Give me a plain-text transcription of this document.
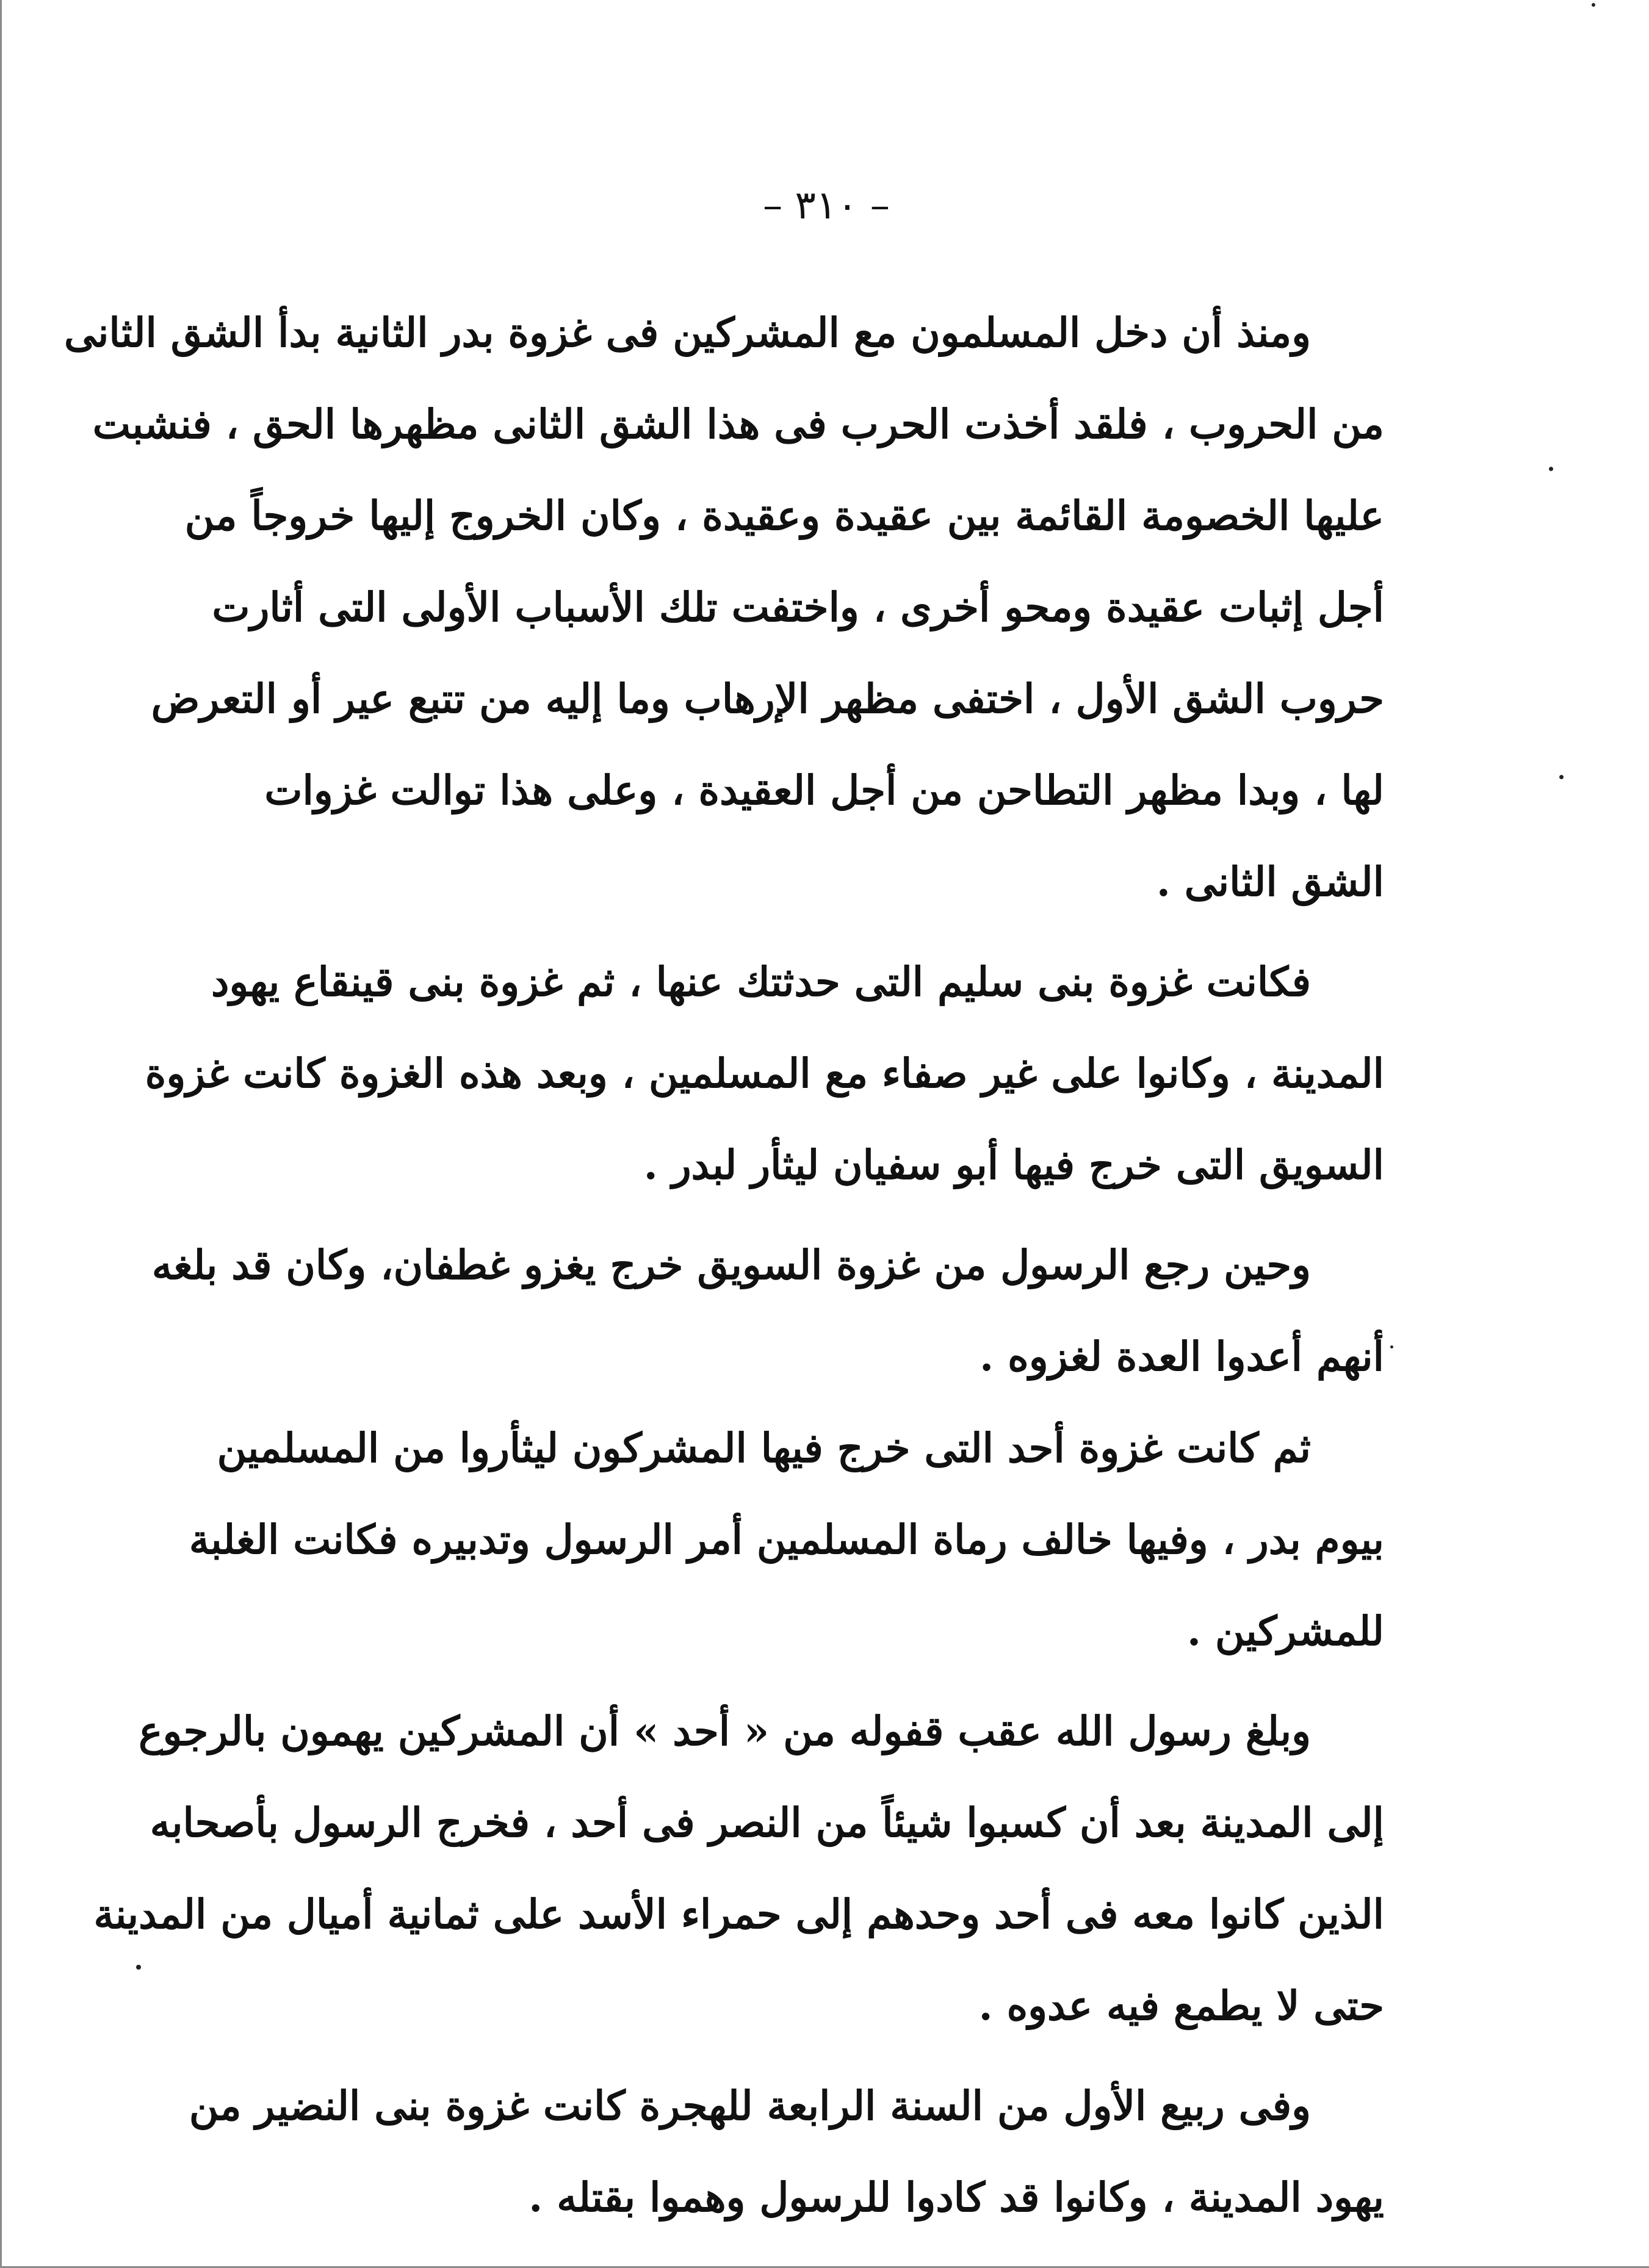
– ٣١٠ –
ومنذ أن دخل المسلمون مع المشركين فى غزوة بدر الثانية بدأ الشق الثانى
من الحروب ، فلقد أخذت الحرب فى هذا الشق الثانى مظهرها الحق ، فنشبت
عليها الخصومة القائمة بين عقيدة وعقيدة ، وكان الخروج إليها خروجاً من
أجل إثبات عقيدة ومحو أخرى ، واختفت تلك الأسباب الأولى التى أثارت
حروب الشق الأول ، اختفى مظهر الإرهاب وما إليه من تتبع عير أو التعرض
لها ، وبدا مظهر التطاحن من أجل العقيدة ، وعلى هذا توالت غزوات
الشق الثانى .
فكانت غزوة بنى سليم التى حدثتك عنها ، ثم غزوة بنى قينقاع يهود
المدينة ، وكانوا على غير صفاء مع المسلمين ، وبعد هذه الغزوة كانت غزوة
السويق التى خرج فيها أبو سفيان ليثأر لبدر .
وحين رجع الرسول من غزوة السويق خرج يغزو غطفان، وكان قد بلغه
أنهم أعدوا العدة لغزوه .
ثم كانت غزوة أحد التى خرج فيها المشركون ليثأروا من المسلمين
بيوم بدر ، وفيها خالف رماة المسلمين أمر الرسول وتدبيره فكانت الغلبة
للمشركين .
وبلغ رسول الله عقب قفوله من « أحد » أن المشركين يهمون بالرجوع
إلى المدينة بعد أن كسبوا شيئاً من النصر فى أحد ، فخرج الرسول بأصحابه
الذين كانوا معه فى أحد وحدهم إلى حمراء الأسد على ثمانية أميال من المدينة
حتى لا يطمع فيه عدوه .
وفى ربيع الأول من السنة الرابعة للهجرة كانت غزوة بنى النضير من
يهود المدينة ، وكانوا قد كادوا للرسول وهموا بقتله .
